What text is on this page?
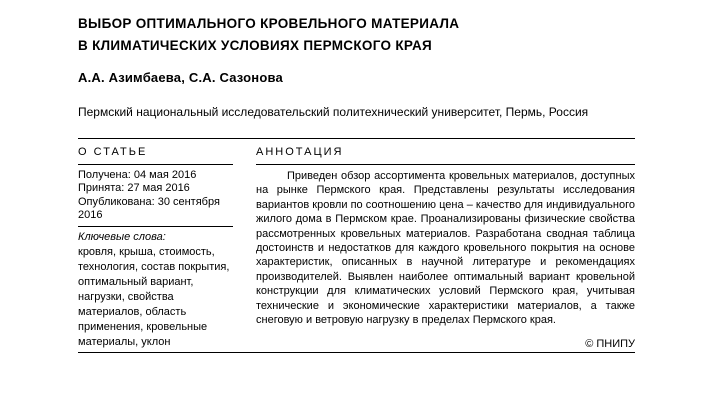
ВЫБОР ОПТИМАЛЬНОГО КРОВЕЛЬНОГО МАТЕРИАЛА
В КЛИМАТИЧЕСКИХ УСЛОВИЯХ ПЕРМСКОГО КРАЯ
А.А. Азимбаева, С.А. Сазонова
Пермский национальный исследовательский политехнический университет, Пермь, Россия
О СТАТЬЕ
Получена: 04 мая 2016
Принята: 27 мая 2016
Опубликована: 30 сентября 2016
Ключевые слова:
кровля, крыша, стоимость, технология, состав покрытия, оптимальный вариант, нагрузки, свойства материалов, область применения, кровельные материалы, уклон
АННОТАЦИЯ

Приведен обзор ассортимента кровельных материалов, доступных на рынке Пермского края. Представлены результаты исследования вариантов кровли по соотношению цена – качество для индивидуального жилого дома в Пермском крае. Проанализированы физические свойства рассмотренных кровельных материалов. Разработана сводная таблица достоинств и недостатков для каждого кровельного покрытия на основе характеристик, описанных в научной литературе и рекомендациях производителей. Выявлен наиболее оптимальный вариант кровельной конструкции для климатических условий Пермского края, учитывая технические и экономические характеристики материалов, а также снеговую и ветровую нагрузку в пределах Пермского края.

© ПНИПУ
